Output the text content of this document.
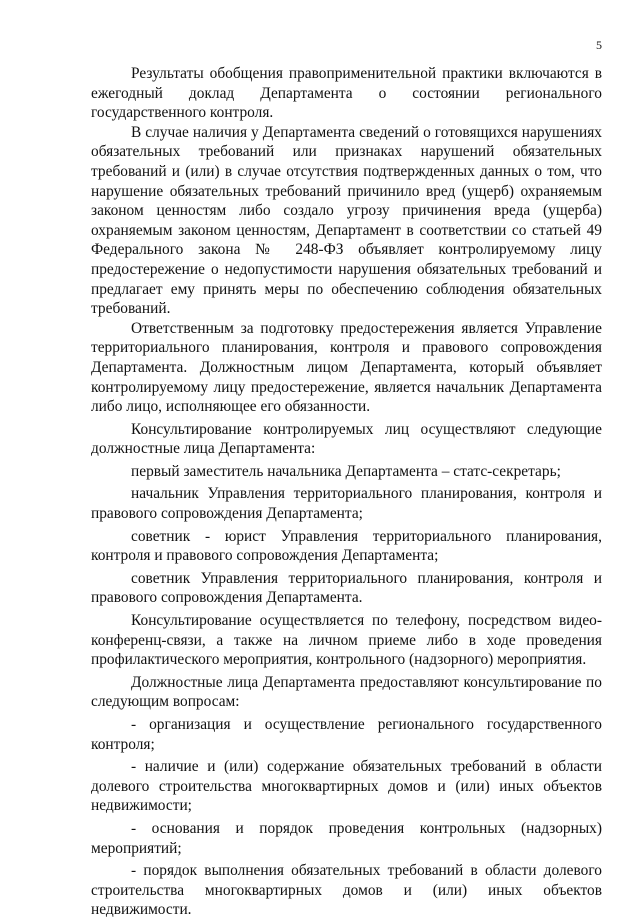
5

Результаты обобщения правоприменительной практики включаются в ежегодный доклад Департамента о состоянии регионального государственного контроля.

В случае наличия у Департамента сведений о готовящихся нарушениях обязательных требований или признаках нарушений обязательных требований и (или) в случае отсутствия подтвержденных данных о том, что нарушение обязательных требований причинило вред (ущерб) охраняемым законом ценностям либо создало угрозу причинения вреда (ущерба) охраняемым законом ценностям, Департамент в соответствии со статьей 49 Федерального закона № 248-ФЗ объявляет контролируемому лицу предостережение о недопустимости нарушения обязательных требований и предлагает ему принять меры по обеспечению соблюдения обязательных требований.

Ответственным за подготовку предостережения является Управление территориального планирования, контроля и правового сопровождения Департамента. Должностным лицом Департамента, который объявляет контролируемому лицу предостережение, является начальник Департамента либо лицо, исполняющее его обязанности.

Консультирование контролируемых лиц осуществляют следующие должностные лица Департамента:

первый заместитель начальника Департамента – статс-секретарь;

начальник Управления территориального планирования, контроля и правового сопровождения Департамента;

советник - юрист Управления территориального планирования, контроля и правового сопровождения Департамента;

советник Управления территориального планирования, контроля и правового сопровождения Департамента.

Консультирование осуществляется по телефону, посредством видео-конференц-связи, а также на личном приеме либо в ходе проведения профилактического мероприятия, контрольного (надзорного) мероприятия.

Должностные лица Департамента предоставляют консультирование по следующим вопросам:

- организация и осуществление регионального государственного контроля;

- наличие и (или) содержание обязательных требований в области долевого строительства многоквартирных домов и (или) иных объектов недвижимости;

- основания и порядок проведения контрольных (надзорных) мероприятий;

- порядок выполнения обязательных требований в области долевого строительства многоквартирных домов и (или) иных объектов недвижимости.
